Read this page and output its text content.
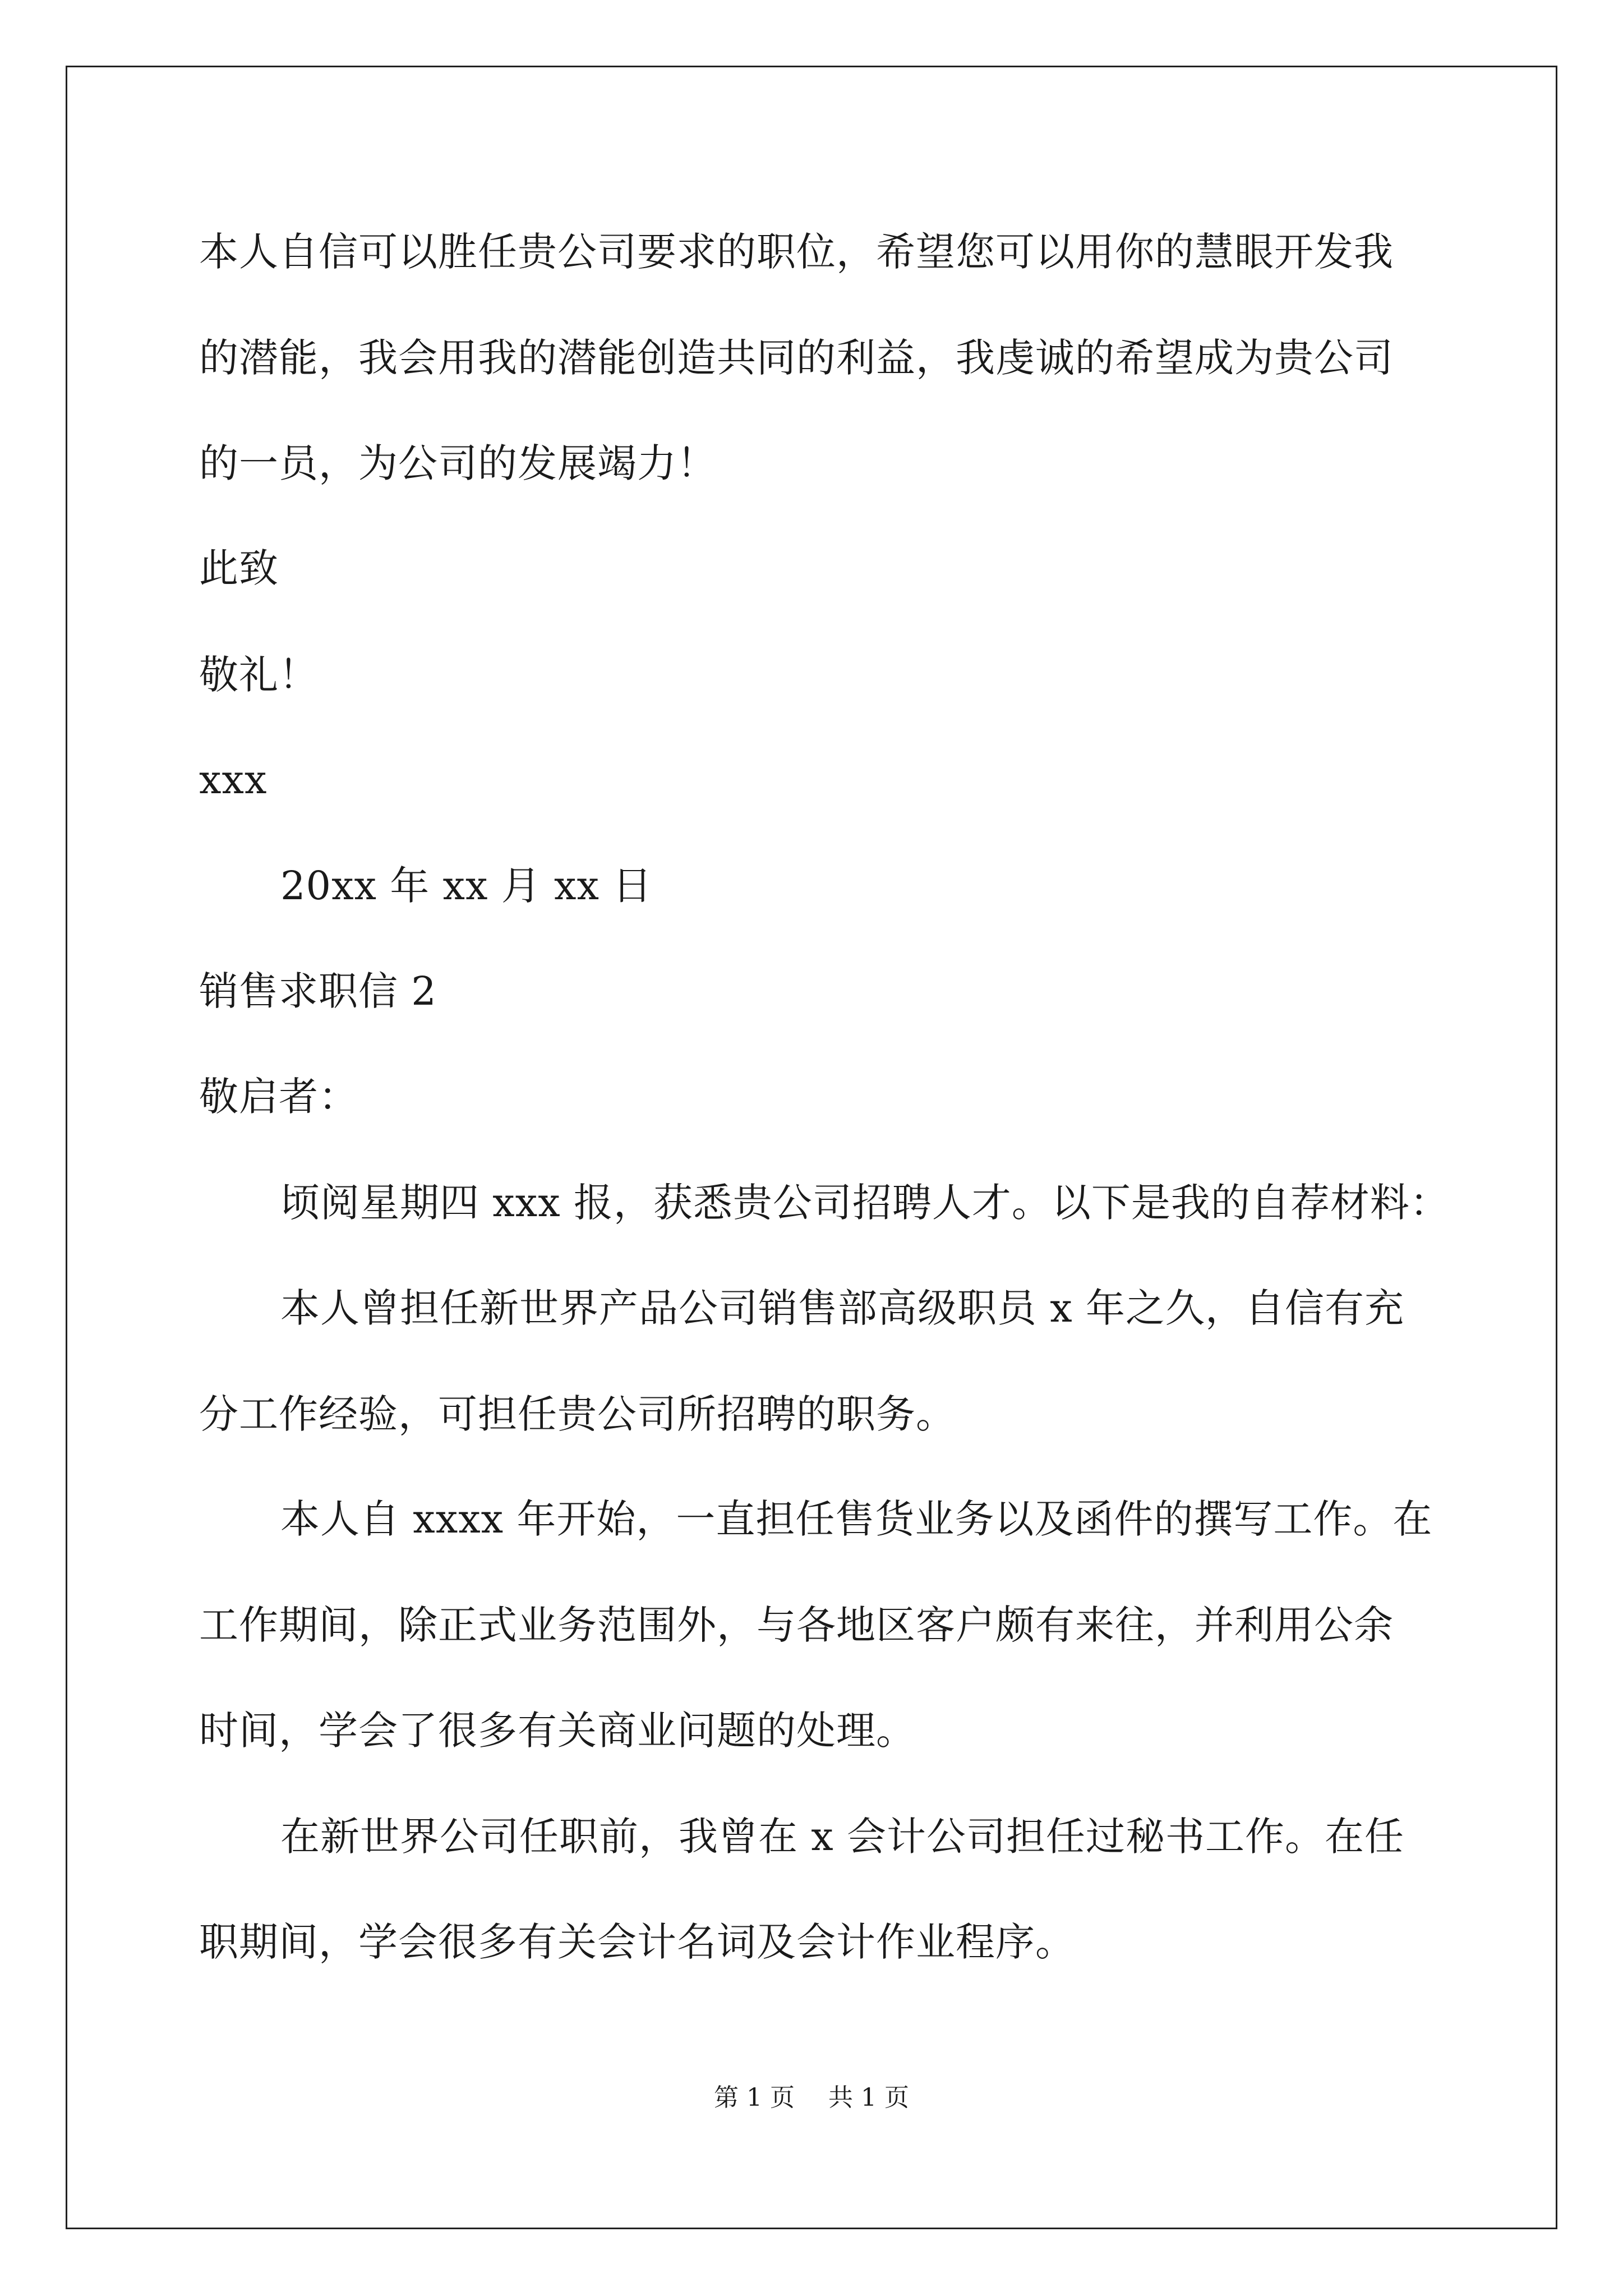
本人自信可以胜任贵公司要求的职位，希望您可以用你的慧眼开发我
的潜能，我会用我的潜能创造共同的利益，我虔诚的希望成为贵公司
的一员，为公司的发展竭力！
此致
敬礼！
xxx
20xx 年 xx 月 xx 日
销售求职信 2
敬启者：
顷阅星期四 xxx 报，获悉贵公司招聘人才。以下是我的自荐材料：
本人曾担任新世界产品公司销售部高级职员 x 年之久，自信有充
分工作经验，可担任贵公司所招聘的职务。
本人自 xxxx 年开始，一直担任售货业务以及函件的撰写工作。在
工作期间，除正式业务范围外，与各地区客户颇有来往，并利用公余
时间，学会了很多有关商业问题的处理。
在新世界公司任职前，我曾在 x 会计公司担任过秘书工作。在任
职期间，学会很多有关会计名词及会计作业程序。
第 1 页 共 1 页
